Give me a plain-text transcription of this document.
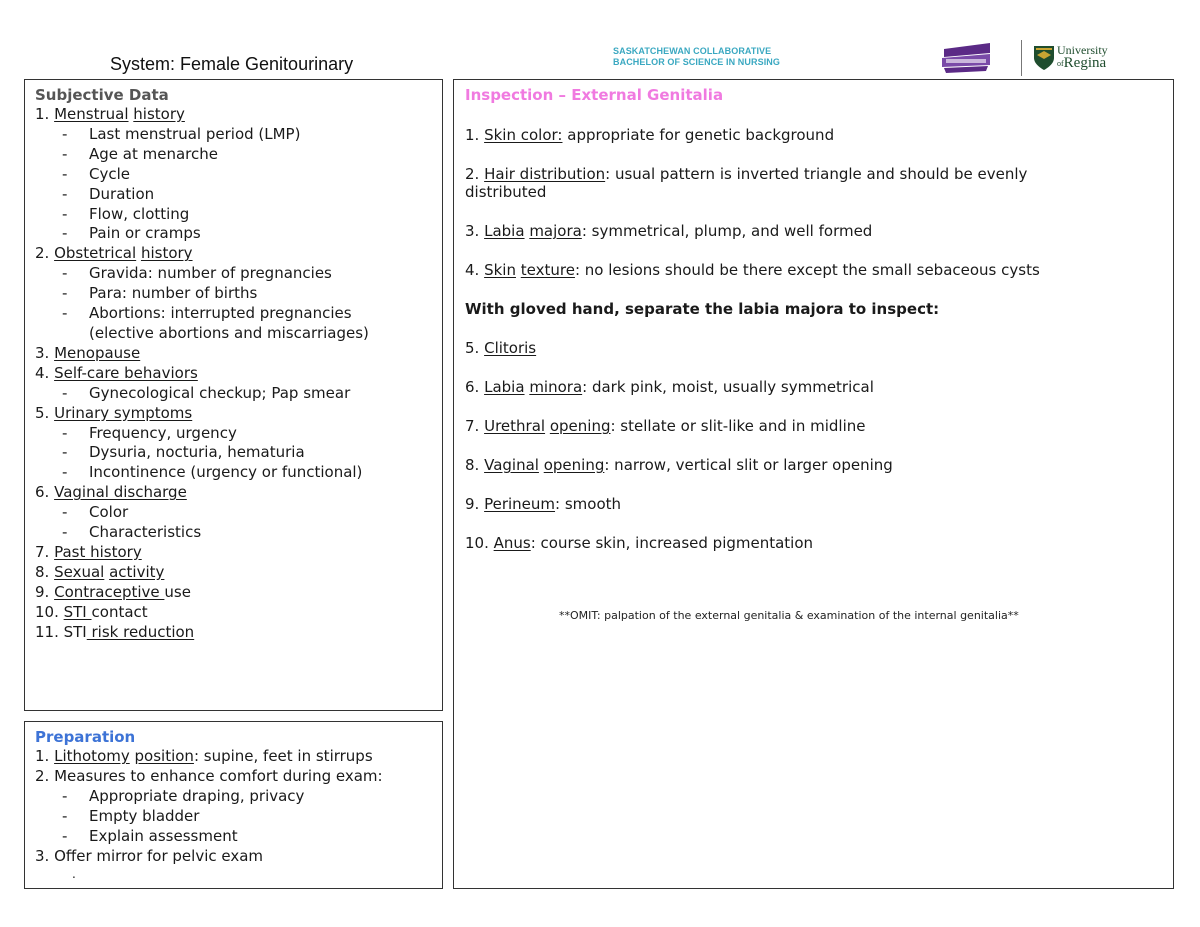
System: Female Genitourinary
SASKATCHEWAN COLLABORATIVE
BACHELOR OF SCIENCE IN NURSING
University
$^{of}$Regina
Subjective Data
1. Menstrual history
- Last menstrual period (LMP)
- Age at menarche
- Cycle
- Duration
- Flow, clotting
- Pain or cramps
2. Obstetrical history
- Gravida: number of pregnancies
- Para: number of births
- Abortions: interrupted pregnancies
(elective abortions and miscarriages)
3. Menopause
4. Self-care behaviors
- Gynecological checkup; Pap smear
5. Urinary symptoms
- Frequency, urgency
- Dysuria, nocturia, hematuria
- Incontinence (urgency or functional)
6. Vaginal discharge
- Color
- Characteristics
7. Past history
8. Sexual activity
9. Contraceptive use
10. STI contact
11. STI risk reduction
Preparation
1. Lithotomy position: supine, feet in stirrups
2. Measures to enhance comfort during exam:
- Appropriate draping, privacy
- Empty bladder
- Explain assessment
3. Offer mirror for pelvic exam
.
Inspection – External Genitalia
1. Skin color: appropriate for genetic background
2. Hair distribution: usual pattern is inverted triangle and should be evenly distributed
3. Labia majora: symmetrical, plump, and well formed
4. Skin texture: no lesions should be there except the small sebaceous cysts
With gloved hand, separate the labia majora to inspect:
5. Clitoris
6. Labia minora: dark pink, moist, usually symmetrical
7. Urethral opening: stellate or slit-like and in midline
8. Vaginal opening: narrow, vertical slit or larger opening
9. Perineum: smooth
10. Anus: course skin, increased pigmentation
**OMIT: palpation of the external genitalia & examination of the internal genitalia**
